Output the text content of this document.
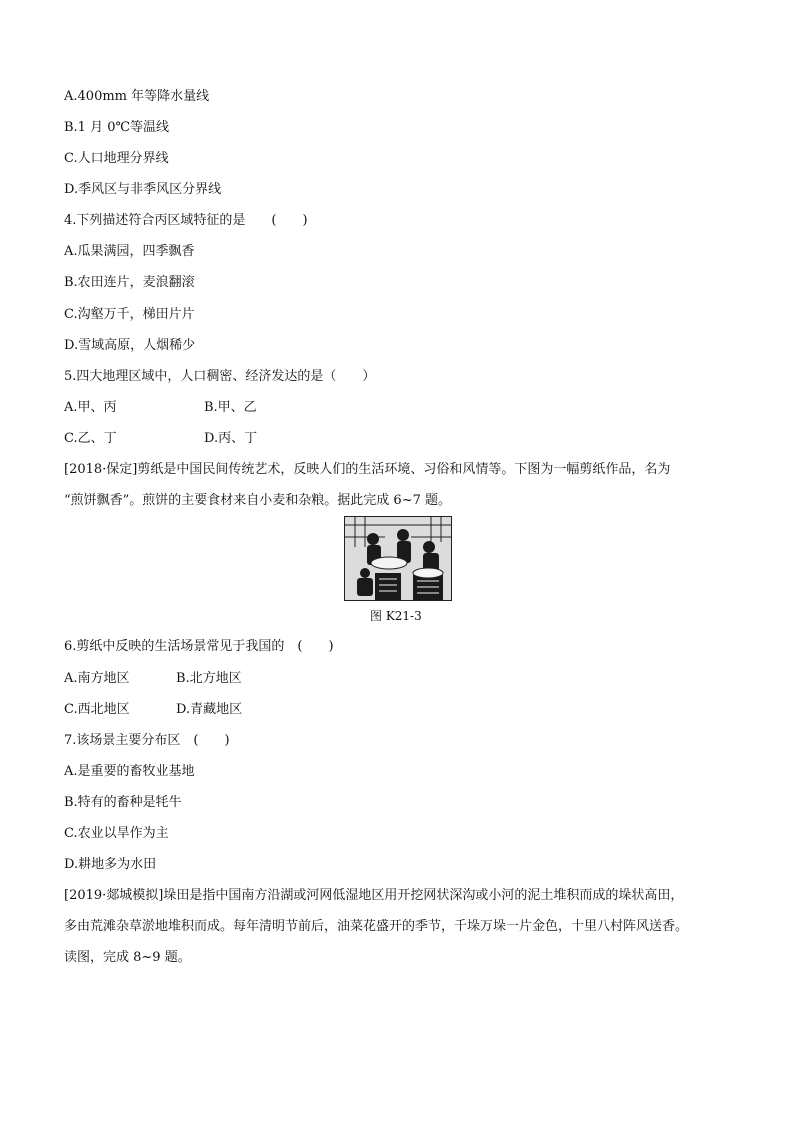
A.400mm 年等降水量线
B.1 月 0℃等温线
C.人口地理分界线
D.季风区与非季风区分界线
4.下列描述符合丙区域特征的是　　(　　)
A.瓜果满园，四季飘香
B.农田连片，麦浪翻滚
C.沟壑万千，梯田片片
D.雪域高原，人烟稀少
5.四大地理区域中，人口稠密、经济发达的是（　　）
A.甲、丙	B.甲、乙
C.乙、丁	D.丙、丁
[2018·保定]剪纸是中国民间传统艺术，反映人们的生活环境、习俗和风情等。下图为一幅剪纸作品，名为
“煎饼飘香”。煎饼的主要食材来自小麦和杂粮。据此完成 6~7 题。
图 K21-3
6.剪纸中反映的生活场景常见于我国的　(　　)
A.南方地区	B.北方地区
C.西北地区	D.青藏地区
7.该场景主要分布区　(　　)
A.是重要的畜牧业基地
B.特有的畜种是牦牛
C.农业以旱作为主
D.耕地多为水田
[2019·郯城模拟]垛田是指中国南方沿湖或河网低湿地区用开挖网状深沟或小河的泥土堆积而成的垛状高田，
多由荒滩杂草淤地堆积而成。每年清明节前后，油菜花盛开的季节，千垛万垛一片金色，十里八村阵风送香。
读图，完成 8~9 题。
